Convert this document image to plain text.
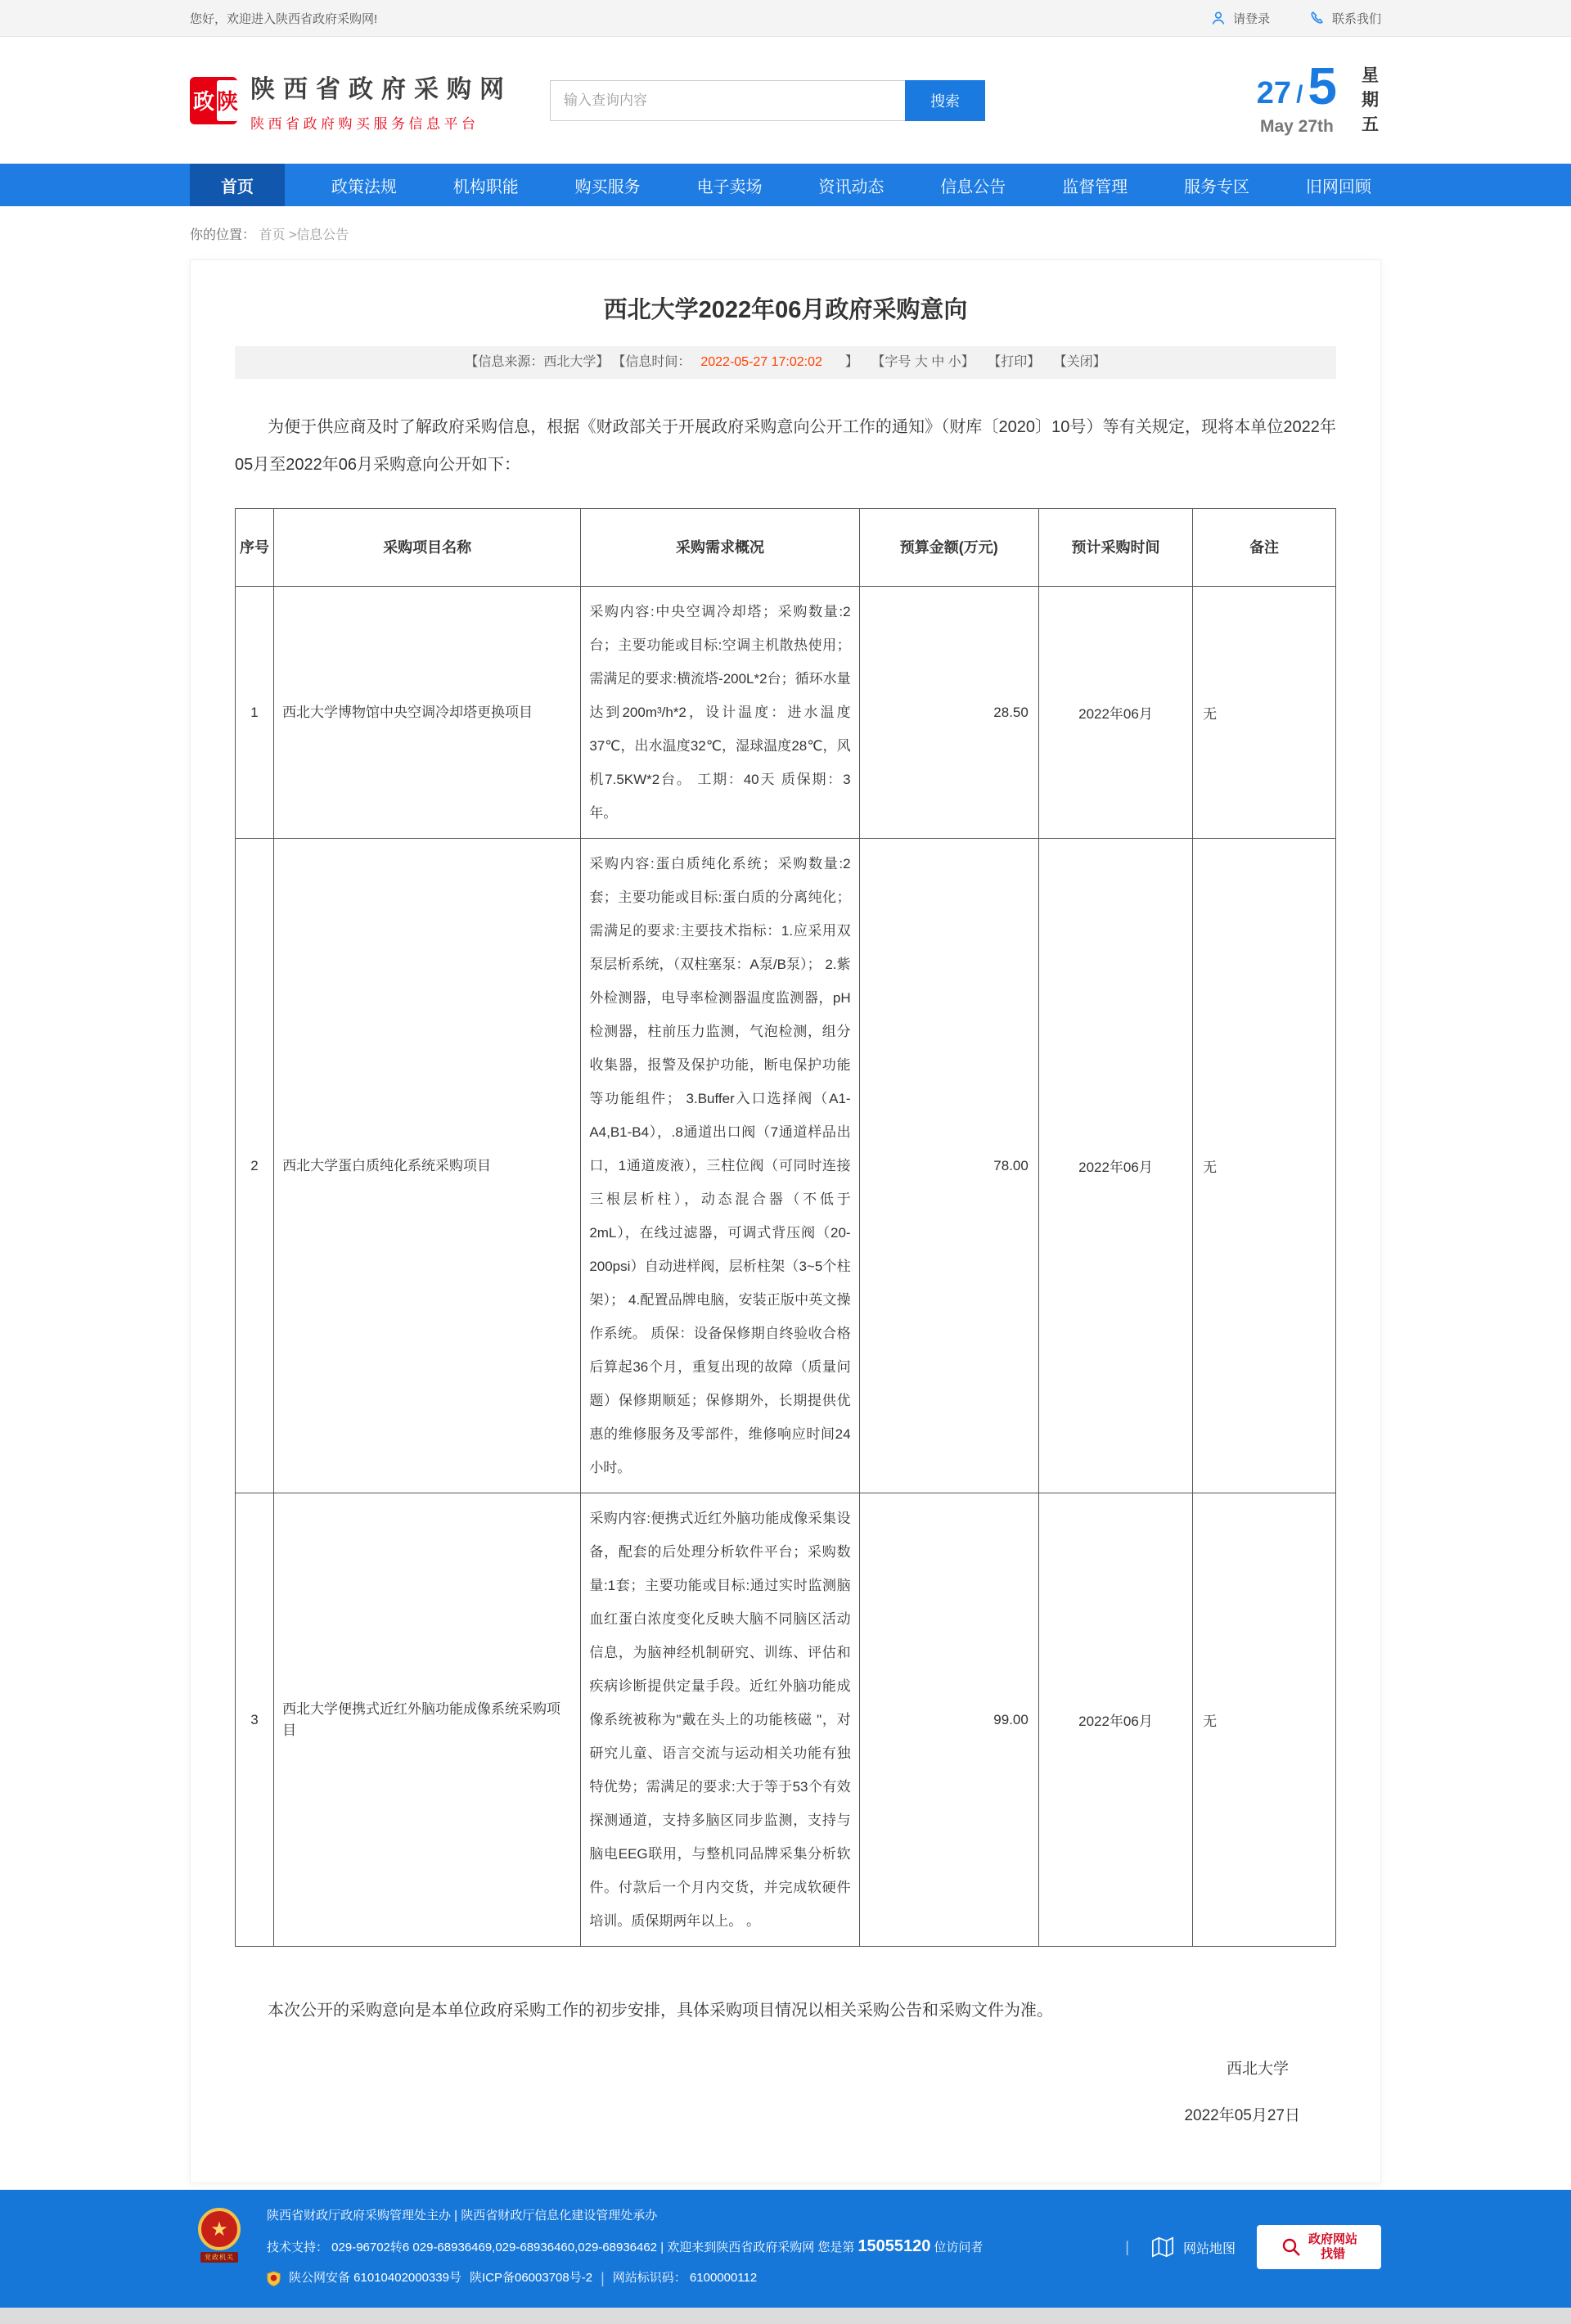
您好，欢迎进入陕西省政府采购网!	请登录	联系我们
政 陕 陕西省政府采购网
陕西省政府购买服务信息平台
输入查询内容
搜索	27 / 5
May 27th
星期五
首页	政策法规	机构职能	购买服务	电子卖场	资讯动态	信息公告	监督管理	服务专区	旧网回顾
你的位置： 首页 >信息公告
西北大学2022年06月政府采购意向
【信息来源：西北大学】 【信息时间： 2022-05-27 17:02:02　】 【字号 大 中 小】 【打印】 【关闭】

为便于供应商及时了解政府采购信息，根据《财政部关于开展政府采购意向公开工作的通知》（财库〔2020〕10号）等有关规定，现将本单位2022年05月至2022年06月采购意向公开如下：

序号	采购项目名称	采购需求概况	预算金额(万元)	预计采购时间	备注
1	西北大学博物馆中央空调冷却塔更换项目	采购内容:中央空调冷却塔；采购数量:2台；主要功能或目标:空调主机散热使用；需满足的要求:横流塔-200L*2台；循环水量达到200m³/h*2，设计温度：进水温度37℃，出水温度32℃，湿球温度28℃，风机7.5KW*2台。 工期：40天 质保期：3年。	28.50	2022年06月	无
2	西北大学蛋白质纯化系统采购项目	采购内容:蛋白质纯化系统；采购数量:2套；主要功能或目标:蛋白质的分离纯化；需满足的要求:主要技术指标：1.应采用双泵层析系统，（双柱塞泵：A泵/B泵）； 2.紫外检测器，电导率检测器温度监测器，pH检测器，柱前压力监测，气泡检测，组分收集器，报警及保护功能，断电保护功能等功能组件； 3.Buffer入口选择阀（A1-A4,B1-B4），.8通道出口阀（7通道样品出口，1通道废液），三柱位阀（可同时连接三根层析柱），动态混合器（不低于2mL），在线过滤器，可调式背压阀（20-200psi）自动进样阀，层析柱架（3~5个柱架）； 4.配置品牌电脑，安装正版中英文操作系统。 质保：设备保修期自终验收合格后算起36个月，重复出现的故障（质量问题）保修期顺延；保修期外，长期提供优惠的维修服务及零部件，维修响应时间24小时。	78.00	2022年06月	无
3	西北大学便携式近红外脑功能成像系统采购项目	采购内容:便携式近红外脑功能成像采集设备，配套的后处理分析软件平台；采购数量:1套；主要功能或目标:通过实时监测脑血红蛋白浓度变化反映大脑不同脑区活动信息，为脑神经机制研究、训练、评估和疾病诊断提供定量手段。近红外脑功能成像系统被称为"戴在头上的功能核磁 "，对研究儿童、语言交流与运动相关功能有独特优势；需满足的要求:大于等于53个有效探测通道，支持多脑区同步监测，支持与脑电EEG联用，与整机同品牌采集分析软件。付款后一个月内交货，并完成软硬件培训。质保期两年以上。 。	99.00	2022年06月	无

本次公开的采购意向是本单位政府采购工作的初步安排，具体采购项目情况以相关采购公告和采购文件为准。

西北大学
2022年05月27日
★
党政机关
陕西省财政厅政府采购管理处主办 | 陕西省财政厅信息化建设管理处承办
技术支持： 029-96702转6 029-68936469,029-68936460,029-68936462 | 欢迎来到陕西省政府采购网 您是第 15055120 位访问者
陕公网安备 61010402000339号 陕ICP备06003708号-2 | 网站标识码： 6100000112
|	网站地图
政府网站
找错
